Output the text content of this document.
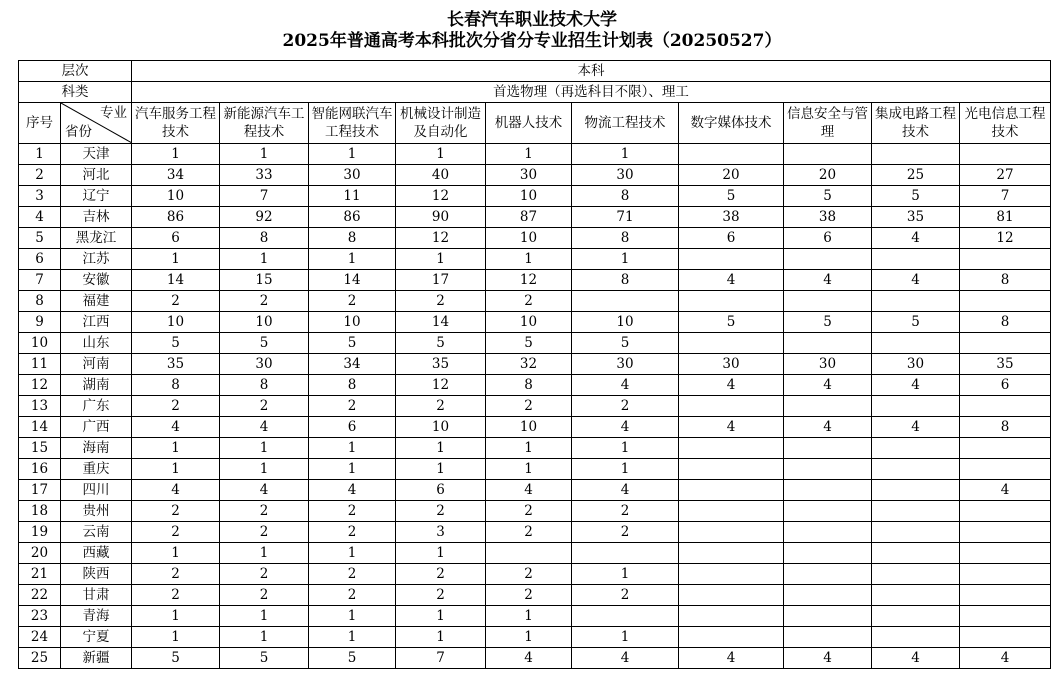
长春汽车职业技术大学
2025年普通高考本科批次分省分专业招生计划表（20250527）
层次		本科									
科类		首选物理（再选科目不限）、理工									
序号	专业
省份	汽车服务工程技术	新能源汽车工程技术	智能网联汽车工程技术	机械设计制造及自动化	机器人技术	物流工程技术	数字媒体技术	信息安全与管理	集成电路工程技术	光电信息工程技术
1	天津	1	1	1	1	1	1				
2	河北	34	33	30	40	30	30	20	20	25	27
3	辽宁	10	7	11	12	10	8	5	5	5	7
4	吉林	86	92	86	90	87	71	38	38	35	81
5	黑龙江	6	8	8	12	10	8	6	6	4	12
6	江苏	1	1	1	1	1	1				
7	安徽	14	15	14	17	12	8	4	4	4	8
8	福建	2	2	2	2	2					
9	江西	10	10	10	14	10	10	5	5	5	8
10	山东	5	5	5	5	5	5				
11	河南	35	30	34	35	32	30	30	30	30	35
12	湖南	8	8	8	12	8	4	4	4	4	6
13	广东	2	2	2	2	2	2				
14	广西	4	4	6	10	10	4	4	4	4	8
15	海南	1	1	1	1	1	1				
16	重庆	1	1	1	1	1	1				
17	四川	4	4	4	6	4	4				4
18	贵州	2	2	2	2	2	2				
19	云南	2	2	2	3	2	2				
20	西藏	1	1	1	1						
21	陕西	2	2	2	2	2	1				
22	甘肃	2	2	2	2	2	2				
23	青海	1	1	1	1	1					
24	宁夏	1	1	1	1	1	1				
25	新疆	5	5	5	7	4	4	4	4	4	4
